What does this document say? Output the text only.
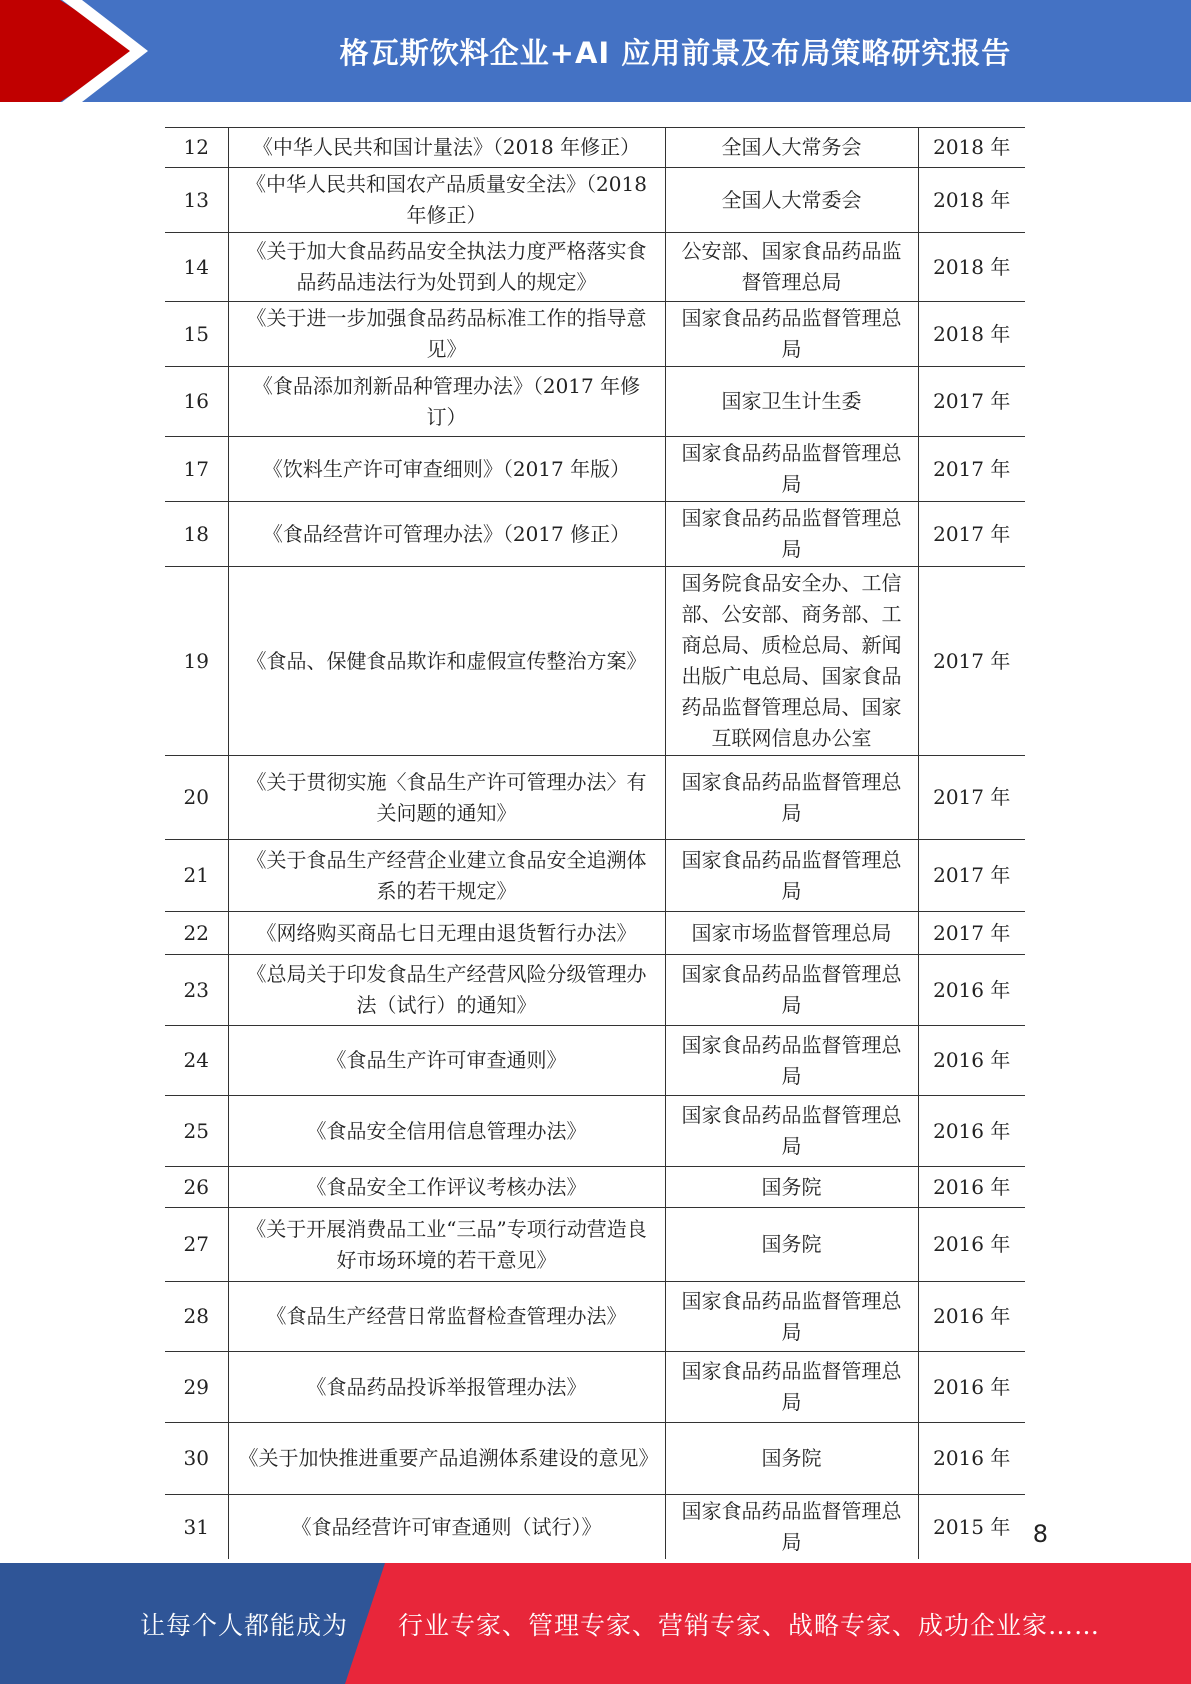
格瓦斯饮料企业+AI 应用前景及布局策略研究报告
12	《中华人民共和国计量法》（2018 年修正）	全国人大常务会	2018 年
13	《中华人民共和国农产品质量安全法》（2018 年修正）	全国人大常委会	2018 年
14	《关于加大食品药品安全执法力度严格落实食品药品违法行为处罚到人的规定》	公安部、国家食品药品监督管理总局	2018 年
15	《关于进一步加强食品药品标准工作的指导意见》	国家食品药品监督管理总局	2018 年
16	《食品添加剂新品种管理办法》（2017 年修订）	国家卫生计生委	2017 年
17	《饮料生产许可审查细则》（2017 年版）	国家食品药品监督管理总局	2017 年
18	《食品经营许可管理办法》（2017 修正）	国家食品药品监督管理总局	2017 年
19	《食品、保健食品欺诈和虚假宣传整治方案》	国务院食品安全办、工信部、公安部、商务部、工商总局、质检总局、新闻出版广电总局、国家食品药品监督管理总局、国家互联网信息办公室	2017 年
20	《关于贯彻实施〈食品生产许可管理办法〉有关问题的通知》	国家食品药品监督管理总局	2017 年
21	《关于食品生产经营企业建立食品安全追溯体系的若干规定》	国家食品药品监督管理总局	2017 年
22	《网络购买商品七日无理由退货暂行办法》	国家市场监督管理总局	2017 年
23	《总局关于印发食品生产经营风险分级管理办法（试行）的通知》	国家食品药品监督管理总局	2016 年
24	《食品生产许可审查通则》	国家食品药品监督管理总局	2016 年
25	《食品安全信用信息管理办法》	国家食品药品监督管理总局	2016 年
26	《食品安全工作评议考核办法》	国务院	2016 年
27	《关于开展消费品工业“三品”专项行动营造良好市场环境的若干意见》	国务院	2016 年
28	《食品生产经营日常监督检查管理办法》	国家食品药品监督管理总局	2016 年
29	《食品药品投诉举报管理办法》	国家食品药品监督管理总局	2016 年
30	《关于加快推进重要产品追溯体系建设的意见》	国务院	2016 年
31	《食品经营许可审查通则（试行）》	国家食品药品监督管理总局	2015 年 8
让每个人都能成为 行业专家、管理专家、营销专家、战略专家、成功企业家……
